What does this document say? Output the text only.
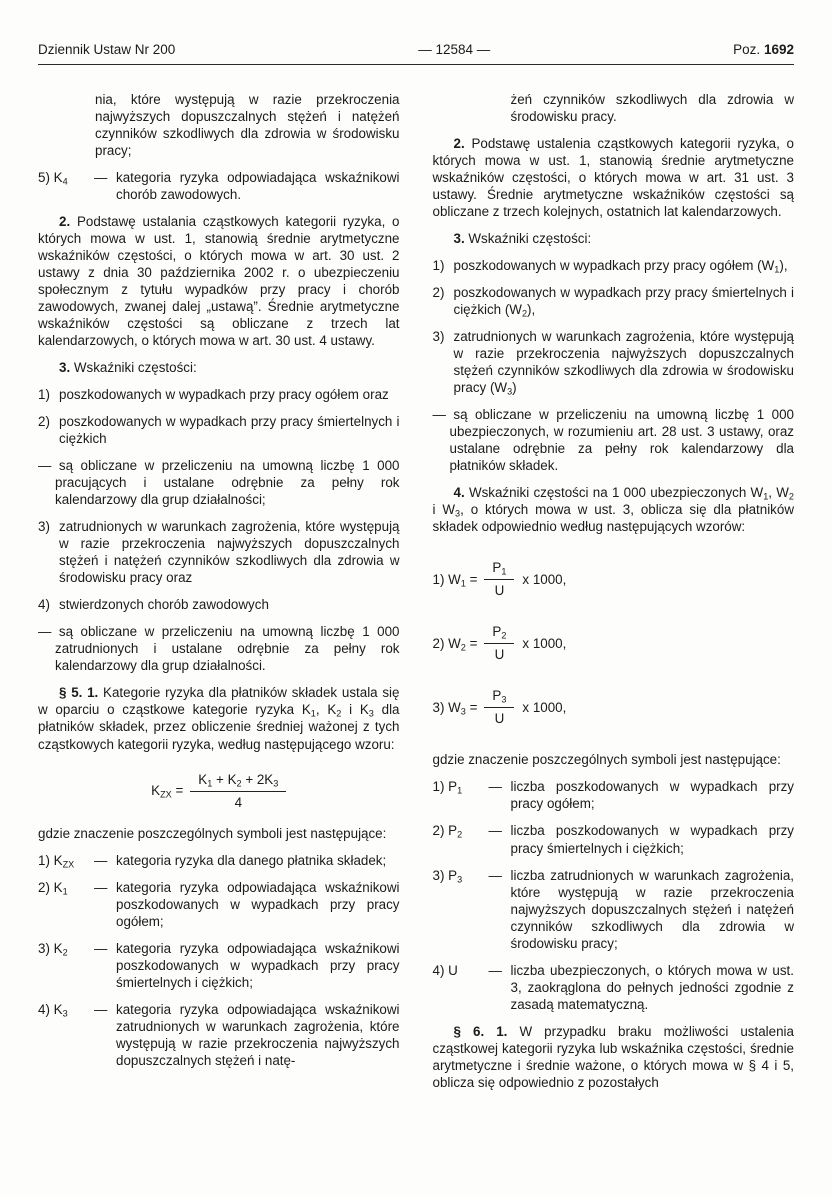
Dziennik Ustaw Nr 200	— 12584 —	Poz. 1692
nia, które występują w razie przekroczenia najwyższych dopuszczalnych stężeń i natężeń czynników szkodliwych dla zdrowia w środowisku pracy;
5) $K_4$	— kategoria ryzyka odpowiadająca wskaźnikowi chorób zawodowych.
2. Podstawę ustalania cząstkowych kategorii ryzyka, o których mowa w ust. 1, stanowią średnie arytmetyczne wskaźników częstości, o których mowa w art. 30 ust. 2 ustawy z dnia 30 października 2002 r. o ubezpieczeniu społecznym z tytułu wypadków przy pracy i chorób zawodowych, zwanej dalej „ustawą”. Średnie arytmetyczne wskaźników częstości są obliczane z trzech lat kalendarzowych, o których mowa w art. 30 ust. 4 ustawy.
3. Wskaźniki częstości:
1) poszkodowanych w wypadkach przy pracy ogółem oraz
2) poszkodowanych w wypadkach przy pracy śmiertelnych i ciężkich
— są obliczane w przeliczeniu na umowną liczbę 1 000 pracujących i ustalane odrębnie za pełny rok kalendarzowy dla grup działalności;
3) zatrudnionych w warunkach zagrożenia, które występują w razie przekroczenia najwyższych dopuszczalnych stężeń i natężeń czynników szkodliwych dla zdrowia w środowisku pracy oraz
4) stwierdzonych chorób zawodowych
— są obliczane w przeliczeniu na umowną liczbę 1 000 zatrudnionych i ustalane odrębnie za pełny rok kalendarzowy dla grup działalności.
§ 5. 1. Kategorie ryzyka dla płatników składek ustala się w oparciu o cząstkowe kategorie ryzyka $K_1$, $K_2$ i $K_3$ dla płatników składek, przez obliczenie średniej ważonej z tych cząstkowych kategorii ryzyka, według następującego wzoru:
$K_{ZX} = \frac{K_1 + K_2 + 2K_3}{4}$
gdzie znaczenie poszczególnych symboli jest następujące:
1) $K_{ZX}$	— kategoria ryzyka dla danego płatnika składek;
2) $K_1$	— kategoria ryzyka odpowiadająca wskaźnikowi poszkodowanych w wypadkach przy pracy ogółem;
3) $K_2$	— kategoria ryzyka odpowiadająca wskaźnikowi poszkodowanych w wypadkach przy pracy śmiertelnych i ciężkich;
4) $K_3$	— kategoria ryzyka odpowiadająca wskaźnikowi zatrudnionych w warunkach zagrożenia, które występują w razie przekroczenia najwyższych dopuszczalnych stężeń i natę-
żeń czynników szkodliwych dla zdrowia w środowisku pracy.
2. Podstawę ustalenia cząstkowych kategorii ryzyka, o których mowa w ust. 1, stanowią średnie arytmetyczne wskaźników częstości, o których mowa w art. 31 ust. 3 ustawy. Średnie arytmetyczne wskaźników częstości są obliczane z trzech kolejnych, ostatnich lat kalendarzowych.
3. Wskaźniki częstości:
1) poszkodowanych w wypadkach przy pracy ogółem $(W_1)$,
2) poszkodowanych w wypadkach przy pracy śmiertelnych i ciężkich $(W_2)$,
3) zatrudnionych w warunkach zagrożenia, które występują w razie przekroczenia najwyższych dopuszczalnych stężeń czynników szkodliwych dla zdrowia w środowisku pracy $(W_3)$
— są obliczane w przeliczeniu na umowną liczbę 1 000 ubezpieczonych, w rozumieniu art. 28 ust. 3 ustawy, oraz ustalane odrębnie za pełny rok kalendarzowy dla płatników składek.
4. Wskaźniki częstości na 1 000 ubezpieczonych $W_1$, $W_2$ i $W_3$, o których mowa w ust. 3, oblicza się dla płatników składek odpowiednio według następujących wzorów:
1) $W_1 = \frac{P_1}{U}$ x 1000,
2) $W_2 = \frac{P_2}{U}$ x 1000,
3) $W_3 = \frac{P_3}{U}$ x 1000,
gdzie znaczenie poszczególnych symboli jest następujące:
1) $P_1$	— liczba poszkodowanych w wypadkach przy pracy ogółem;
2) $P_2$	— liczba poszkodowanych w wypadkach przy pracy śmiertelnych i ciężkich;
3) $P_3$	— liczba zatrudnionych w warunkach zagrożenia, które występują w razie przekroczenia najwyższych dopuszczalnych stężeń i natężeń czynników szkodliwych dla zdrowia w środowisku pracy;
4) U	— liczba ubezpieczonych, o których mowa w ust. 3, zaokrąglona do pełnych jedności zgodnie z zasadą matematyczną.
§ 6. 1. W przypadku braku możliwości ustalenia cząstkowej kategorii ryzyka lub wskaźnika częstości, średnie arytmetyczne i średnie ważone, o których mowa w § 4 i 5, oblicza się odpowiednio z pozostałych
